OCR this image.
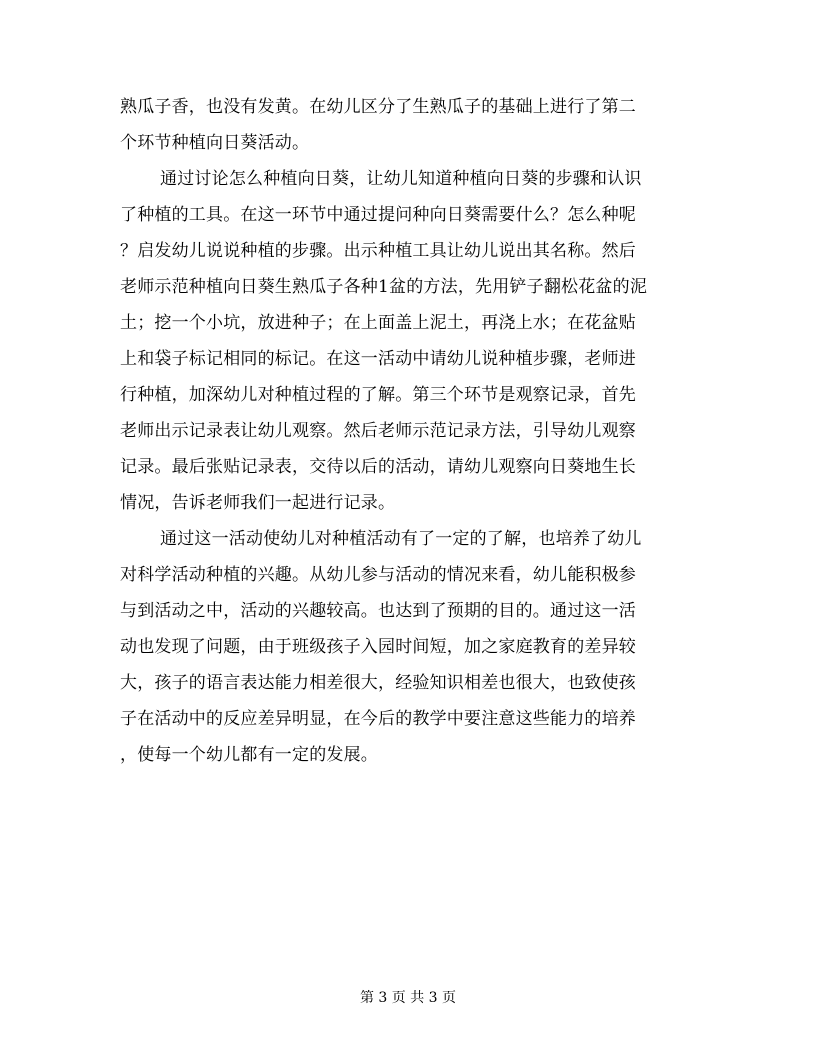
熟瓜子香，也没有发黄。在幼儿区分了生熟瓜子的基础上进行了第二
个环节种植向日葵活动。
通过讨论怎么种植向日葵，让幼儿知道种植向日葵的步骤和认识
了种植的工具。在这一环节中通过提问种向日葵需要什么？怎么种呢
？启发幼儿说说种植的步骤。出示种植工具让幼儿说出其名称。然后
老师示范种植向日葵生熟瓜子各种1盆的方法，先用铲子翻松花盆的泥
土；挖一个小坑，放进种子；在上面盖上泥土，再浇上水；在花盆贴
上和袋子标记相同的标记。在这一活动中请幼儿说种植步骤，老师进
行种植，加深幼儿对种植过程的了解。第三个环节是观察记录，首先
老师出示记录表让幼儿观察。然后老师示范记录方法，引导幼儿观察
记录。最后张贴记录表，交待以后的活动，请幼儿观察向日葵地生长
情况，告诉老师我们一起进行记录。
通过这一活动使幼儿对种植活动有了一定的了解，也培养了幼儿
对科学活动种植的兴趣。从幼儿参与活动的情况来看，幼儿能积极参
与到活动之中，活动的兴趣较高。也达到了预期的目的。通过这一活
动也发现了问题，由于班级孩子入园时间短，加之家庭教育的差异较
大，孩子的语言表达能力相差很大，经验知识相差也很大，也致使孩
子在活动中的反应差异明显，在今后的教学中要注意这些能力的培养
，使每一个幼儿都有一定的发展。
第 3 页 共 3 页
